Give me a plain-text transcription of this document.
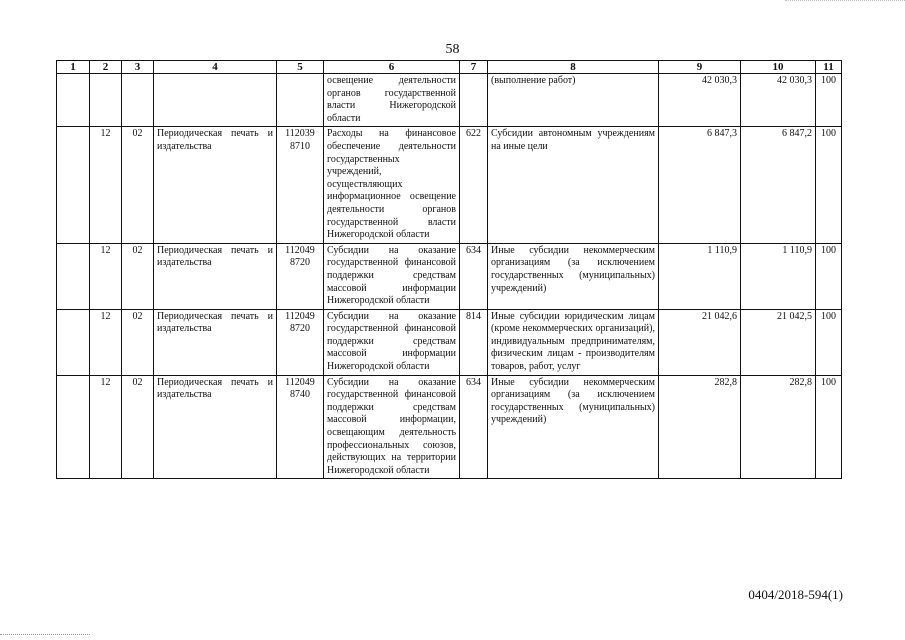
58
1	2	3	4	5	6	7	8	9	10	11
					освещение деятельности органов государственной власти Нижегородской области		(выполнение работ)	42 030,3	42 030,3	100
	12	02	Периодическая печать и издательства	112039 8710	Расходы на финансовое обеспечение деятельности государственных учреждений, осуществляющих информационное освещение деятельности органов государственной власти Нижегородской области	622	Субсидии автономным учреждениям на иные цели	6 847,3	6 847,2	100
	12	02	Периодическая печать и издательства	112049 8720	Субсидии на оказание государственной финансовой поддержки средствам массовой информации Нижегородской области	634	Иные субсидии некоммерческим организациям (за исключением государственных (муниципальных) учреждений)	1 110,9	1 110,9	100
	12	02	Периодическая печать и издательства	112049 8720	Субсидии на оказание государственной финансовой поддержки средствам массовой информации Нижегородской области	814	Иные субсидии юридическим лицам (кроме некоммерческих организаций), индивидуальным предпринимателям, физическим лицам - производителям товаров, работ, услуг	21 042,6	21 042,5	100
	12	02	Периодическая печать и издательства	112049 8740	Субсидии на оказание государственной финансовой поддержки средствам массовой информации, освещающим деятельность профессиональных союзов, действующих на территории Нижегородской области	634	Иные субсидии некоммерческим организациям (за исключением государственных (муниципальных) учреждений)	282,8	282,8	100
0404/2018-594(1)
